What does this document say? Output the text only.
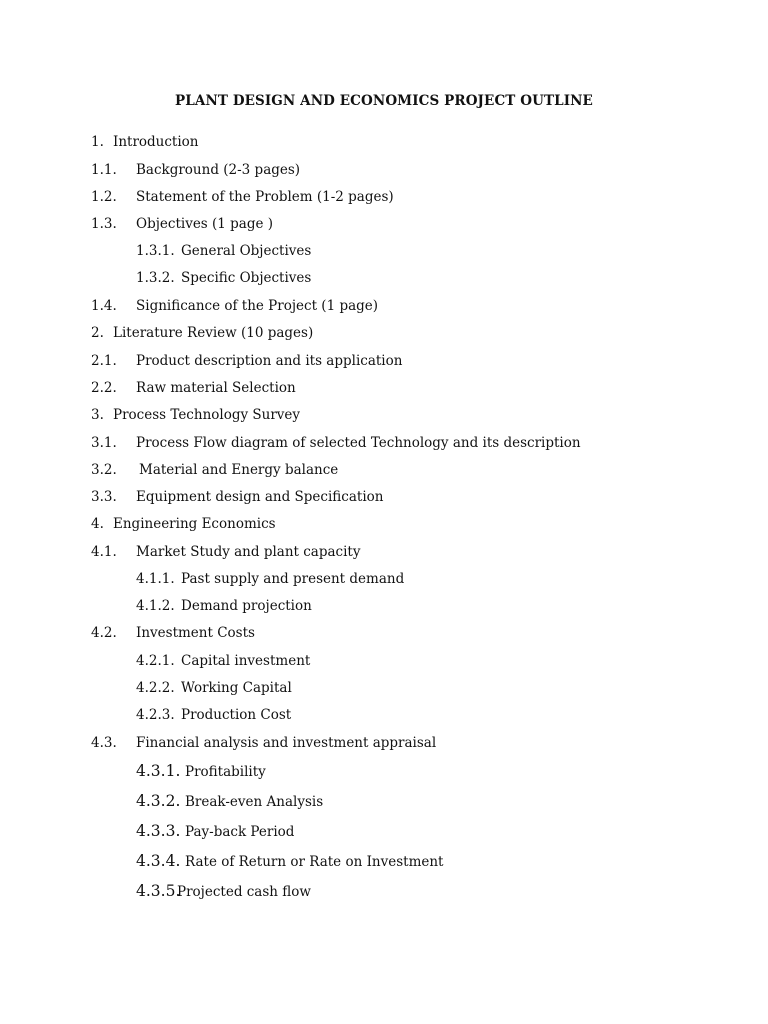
PLANT DESIGN AND ECONOMICS PROJECT OUTLINE
1. Introduction
1.1. Background (2-3 pages)
1.2. Statement of the Problem (1-2 pages)
1.3. Objectives (1 page )
1.3.1. General Objectives
1.3.2. Specific Objectives
1.4. Significance of the Project (1 page)
2. Literature Review (10 pages)
2.1. Product description and its application
2.2. Raw material Selection
3. Process Technology Survey
3.1. Process Flow diagram of selected Technology and its description
3.2. Material and Energy balance
3.3. Equipment design and Specification
4. Engineering Economics
4.1. Market Study and plant capacity
4.1.1. Past supply and present demand
4.1.2. Demand projection
4.2. Investment Costs
4.2.1. Capital investment
4.2.2. Working Capital
4.2.3. Production Cost
4.3. Financial analysis and investment appraisal
4.3.1. Profitability
4.3.2. Break-even Analysis
4.3.3. Pay-back Period
4.3.4. Rate of Return or Rate on Investment
4.3.5.
Projected cash flow
